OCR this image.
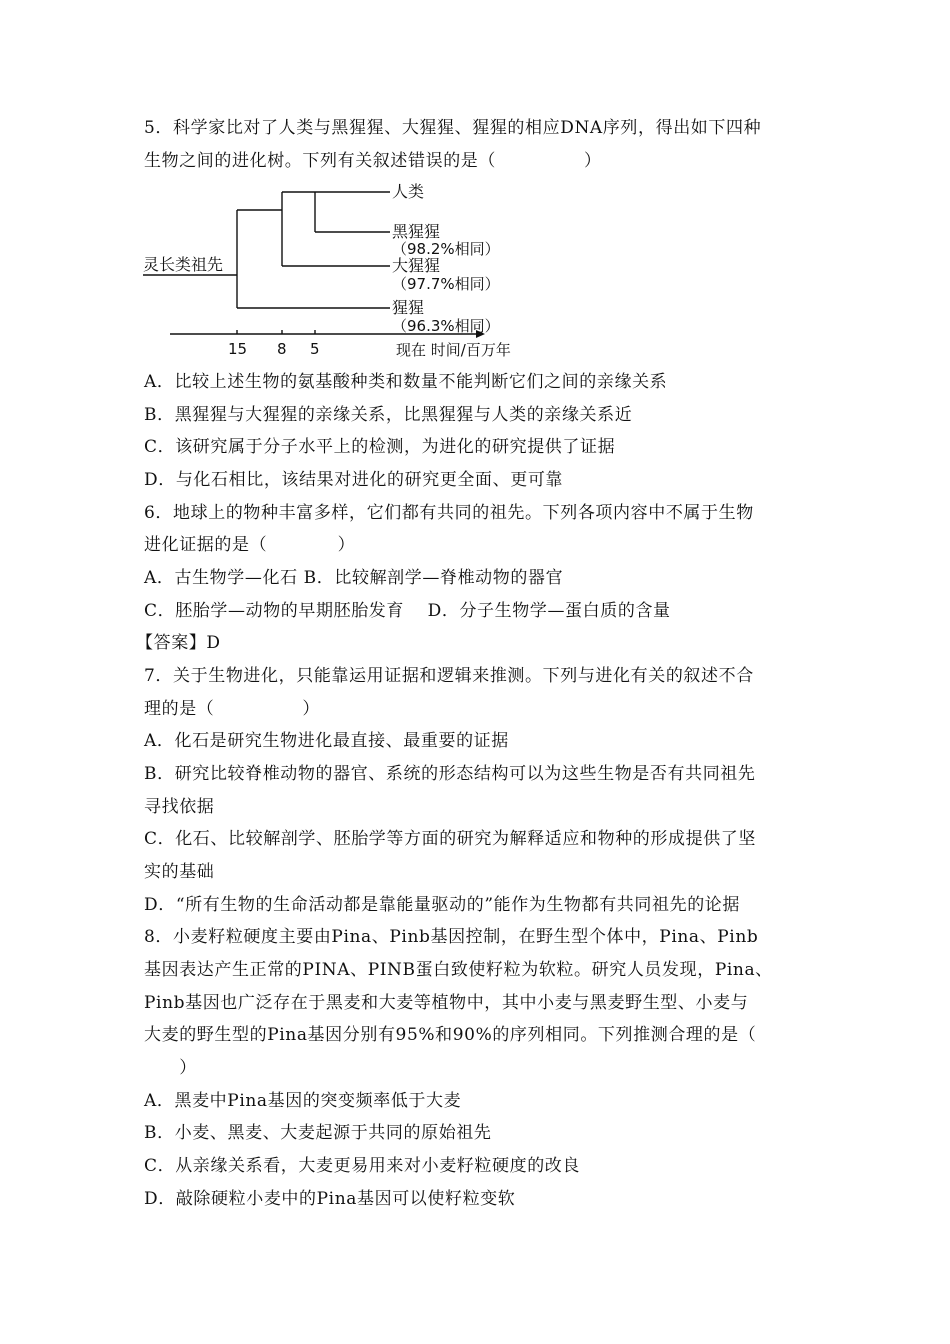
5．科学家比对了人类与黑猩猩、大猩猩、猩猩的相应DNA序列，得出如下四种
生物之间的进化树。下列有关叙述错误的是（　　　　　）
灵长类祖先
人类
黑猩猩
（98.2%相同）
大猩猩
（97.7%相同）
猩猩
（96.3%相同）
15 8 5	现在 时间/百万年
A．比较上述生物的氨基酸种类和数量不能判断它们之间的亲缘关系
B．黑猩猩与大猩猩的亲缘关系，比黑猩猩与人类的亲缘关系近
C．该研究属于分子水平上的检测，为进化的研究提供了证据
D．与化石相比，该结果对进化的研究更全面、更可靠
6．地球上的物种丰富多样，它们都有共同的祖先。下列各项内容中不属于生物
进化证据的是（　　　　）
A．古生物学—化石 B．比较解剖学—脊椎动物的器官
C．胚胎学—动物的早期胚胎发育　 D．分子生物学—蛋白质的含量
【答案】D
7．关于生物进化，只能靠运用证据和逻辑来推测。下列与进化有关的叙述不合
理的是（　　　　　）
A．化石是研究生物进化最直接、最重要的证据
B．研究比较脊椎动物的器官、系统的形态结构可以为这些生物是否有共同祖先
寻找依据
C．化石、比较解剖学、胚胎学等方面的研究为解释适应和物种的形成提供了坚
实的基础
D．“所有生物的生命活动都是靠能量驱动的”能作为生物都有共同祖先的论据
8．小麦籽粒硬度主要由Pina、Pinb基因控制，在野生型个体中，Pina、Pinb
基因表达产生正常的PINA、PINB蛋白致使籽粒为软粒。研究人员发现，Pina、
Pinb基因也广泛存在于黑麦和大麦等植物中，其中小麦与黑麦野生型、小麦与
大麦的野生型的Pina基因分别有95%和90%的序列相同。下列推测合理的是（
　　）
A．黑麦中Pina基因的突变频率低于大麦
B．小麦、黑麦、大麦起源于共同的原始祖先
C．从亲缘关系看，大麦更易用来对小麦籽粒硬度的改良
D．敲除硬粒小麦中的Pina基因可以使籽粒变软
